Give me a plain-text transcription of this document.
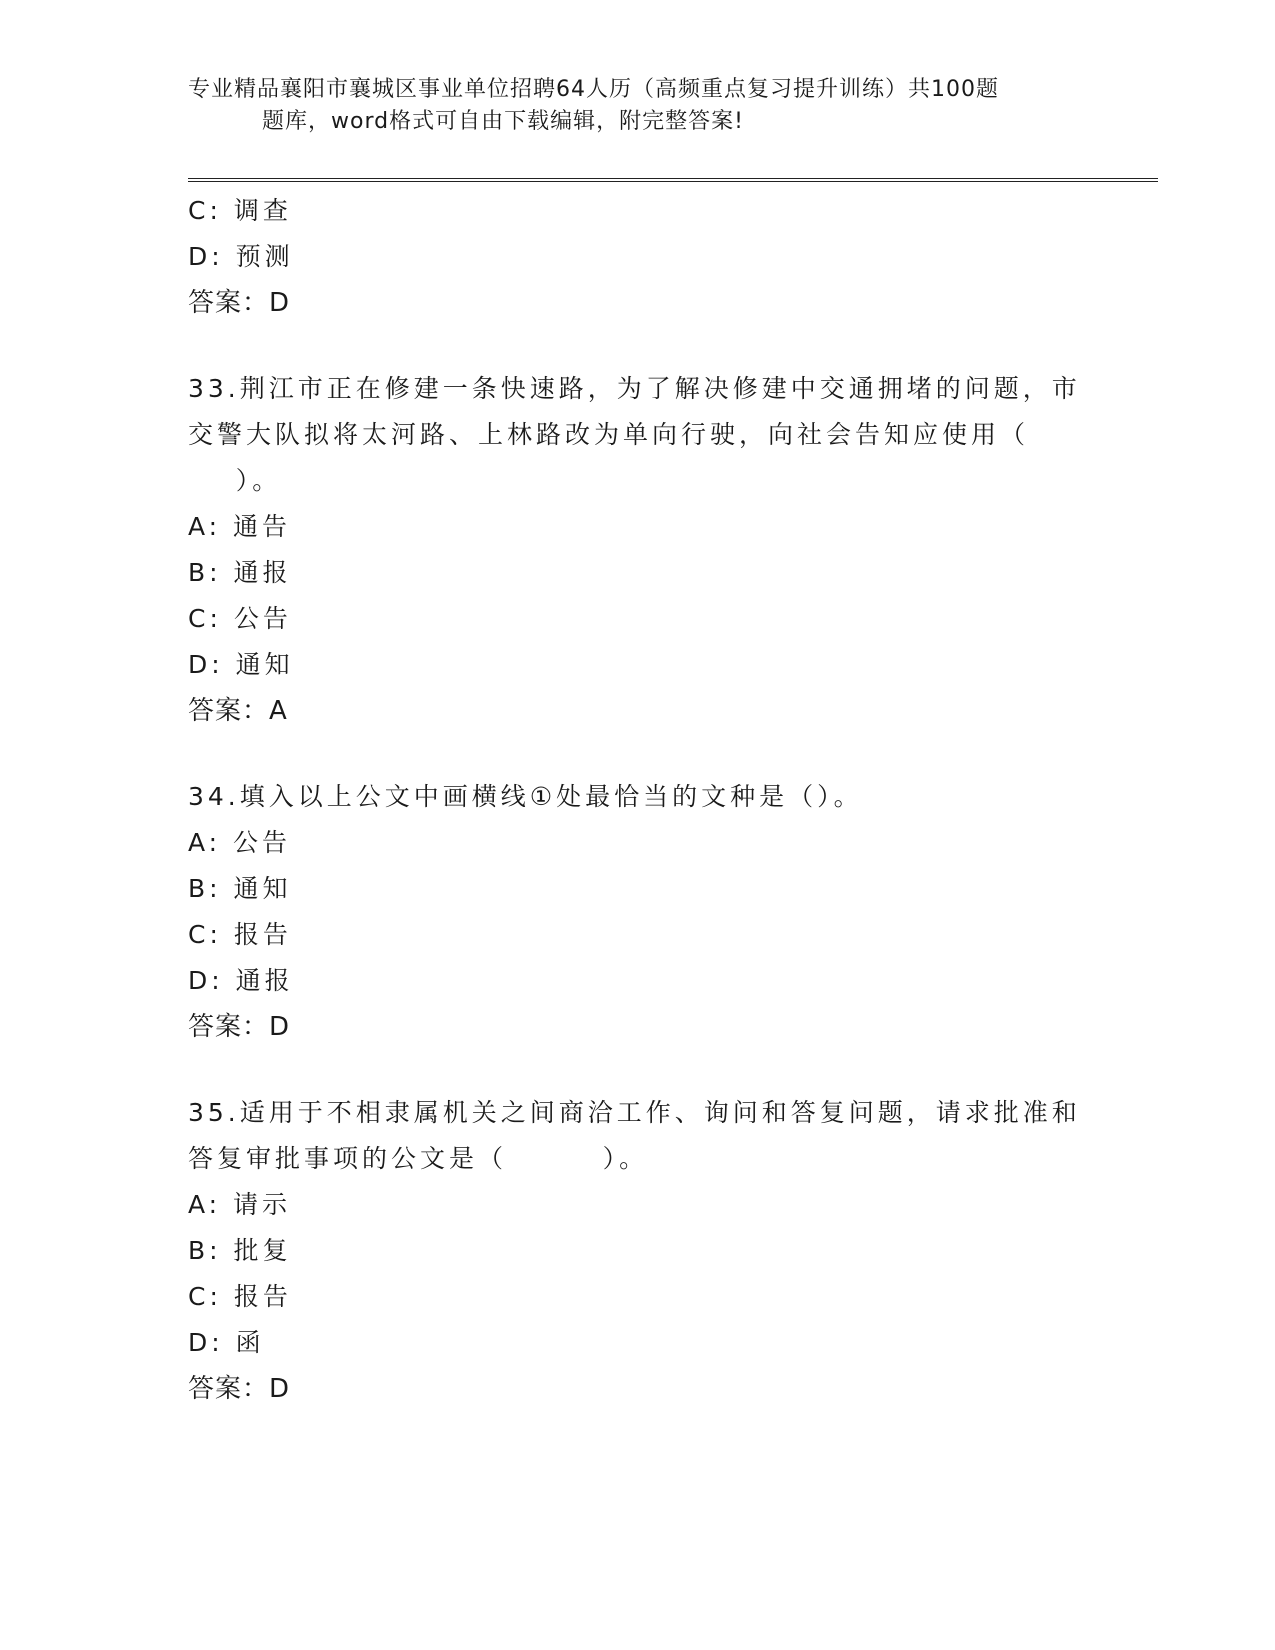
专业精品襄阳市襄城区事业单位招聘64人历（高频重点复习提升训练）共100题
题库，word格式可自由下载编辑，附完整答案!
C: 调查
D: 预测
答案：D
33.荆江市正在修建一条快速路，为了解决修建中交通拥堵的问题，市
交警大队拟将太河路、上林路改为单向行驶，向社会告知应使用（
）。
A: 通告
B: 通报
C: 公告
D: 通知
答案：A
34.填入以上公文中画横线①处最恰当的文种是（）。
A: 公告
B: 通知
C: 报告
D: 通报
答案：D
35.适用于不相隶属机关之间商洽工作、询问和答复问题，请求批准和
答复审批事项的公文是（        ）。
A: 请示
B: 批复
C: 报告
D: 函
答案：D
